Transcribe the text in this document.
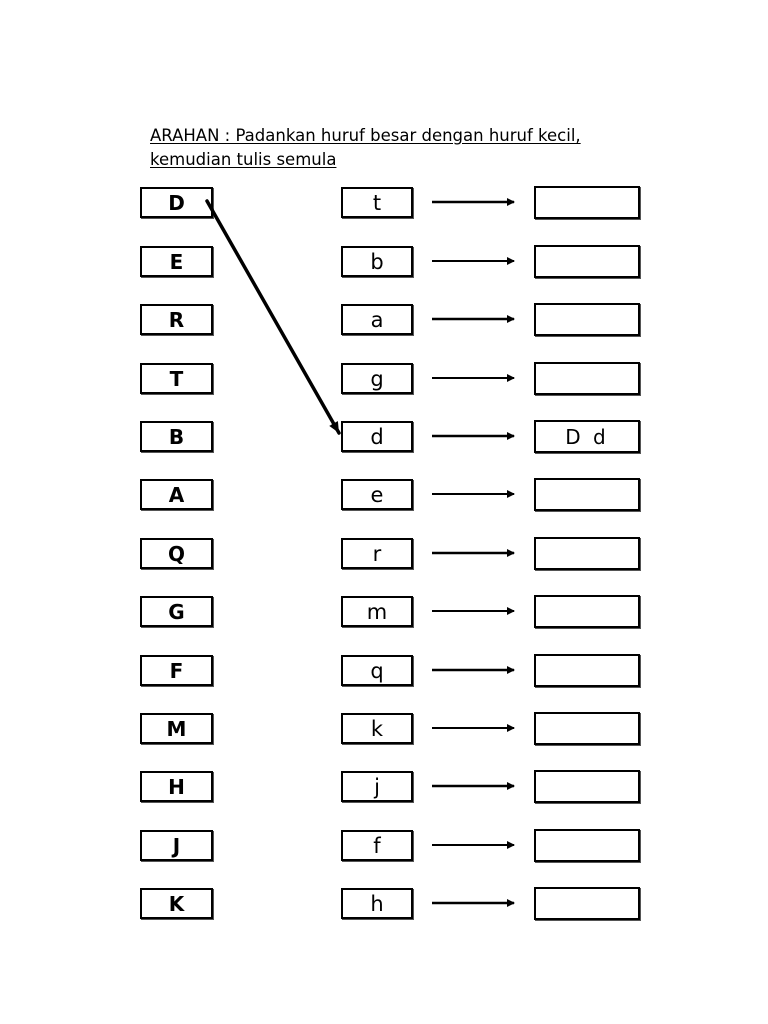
ARAHAN : Padankan huruf besar dengan huruf kecil,
kemudian tulis semula
D	t
E	b
R	a
T	g
B	d	D d
A	e
Q	r
G	m
F	q
M	k
H	j
J	f
K	h
